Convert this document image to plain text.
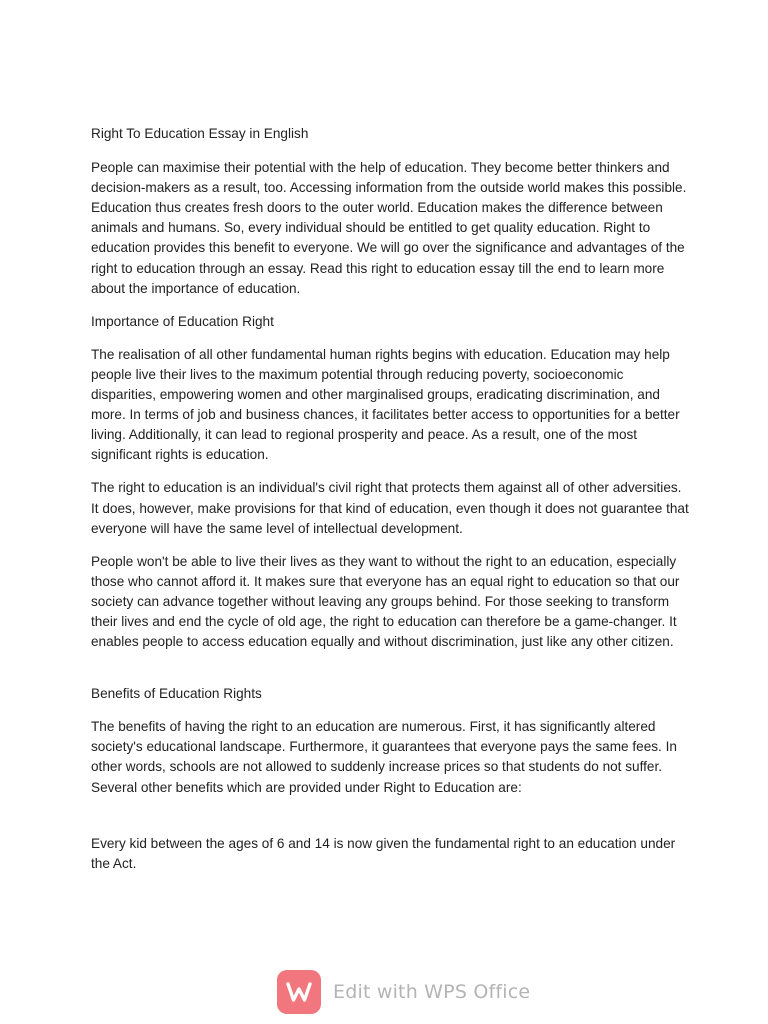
Right To Education Essay in English

People can maximise their potential with the help of education. They become better thinkers and decision-makers as a result, too. Accessing information from the outside world makes this possible. Education thus creates fresh doors to the outer world. Education makes the difference between animals and humans. So, every individual should be entitled to get quality education. Right to education provides this benefit to everyone. We will go over the significance and advantages of the right to education through an essay. Read this right to education essay till the end to learn more about the importance of education.

Importance of Education Right

The realisation of all other fundamental human rights begins with education. Education may help people live their lives to the maximum potential through reducing poverty, socioeconomic disparities, empowering women and other marginalised groups, eradicating discrimination, and more. In terms of job and business chances, it facilitates better access to opportunities for a better living. Additionally, it can lead to regional prosperity and peace. As a result, one of the most significant rights is education.

The right to education is an individual's civil right that protects them against all of other adversities. It does, however, make provisions for that kind of education, even though it does not guarantee that everyone will have the same level of intellectual development.

People won't be able to live their lives as they want to without the right to an education, especially those who cannot afford it. It makes sure that everyone has an equal right to education so that our society can advance together without leaving any groups behind. For those seeking to transform their lives and end the cycle of old age, the right to education can therefore be a game-changer. It enables people to access education equally and without discrimination, just like any other citizen.

Benefits of Education Rights

The benefits of having the right to an education are numerous. First, it has significantly altered society's educational landscape. Furthermore, it guarantees that everyone pays the same fees. In other words, schools are not allowed to suddenly increase prices so that students do not suffer. Several other benefits which are provided under Right to Education are:

Every kid between the ages of 6 and 14 is now given the fundamental right to an education under the Act.

Edit with WPS Office
